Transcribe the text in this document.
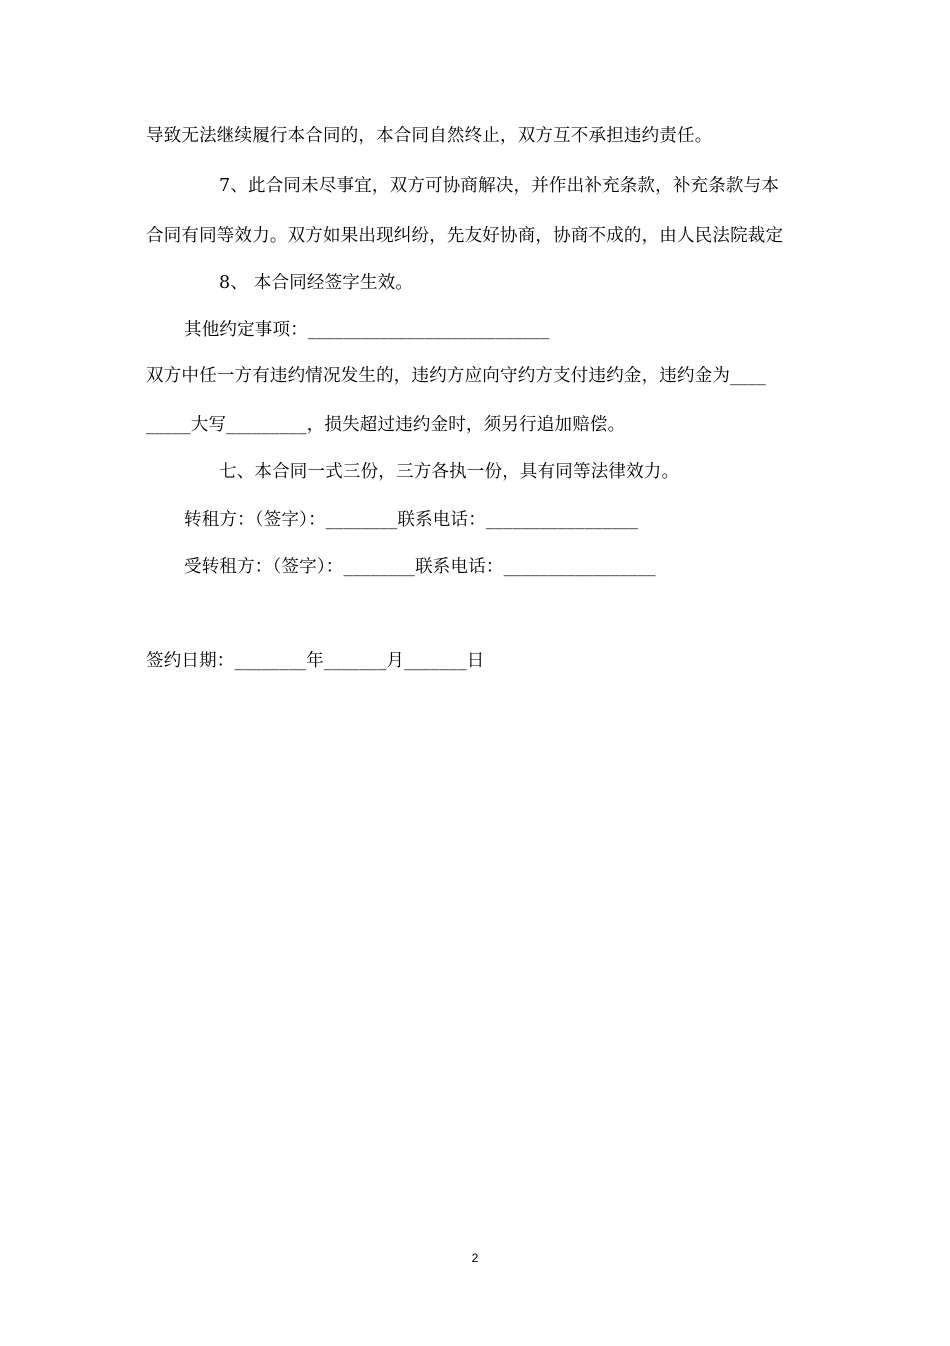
导致无法继续履行本合同的，本合同自然终止，双方互不承担违约责任。
7、此合同未尽事宜，双方可协商解决，并作出补充条款，补充条款与本
合同有同等效力。双方如果出现纠纷，先友好协商，协商不成的，由人民法院裁定
8、 本合同经签字生效。
其他约定事项：___________________________
双方中任一方有违约情况发生的，违约方应向守约方支付违约金，违约金为____
_____大写_________，损失超过违约金时，须另行追加赔偿。
七、本合同一式三份，三方各执一份，具有同等法律效力。
转租方：（签字）：________联系电话：_________________
受转租方：（签字）：________联系电话：_________________
签约日期：________年_______月_______日
2
